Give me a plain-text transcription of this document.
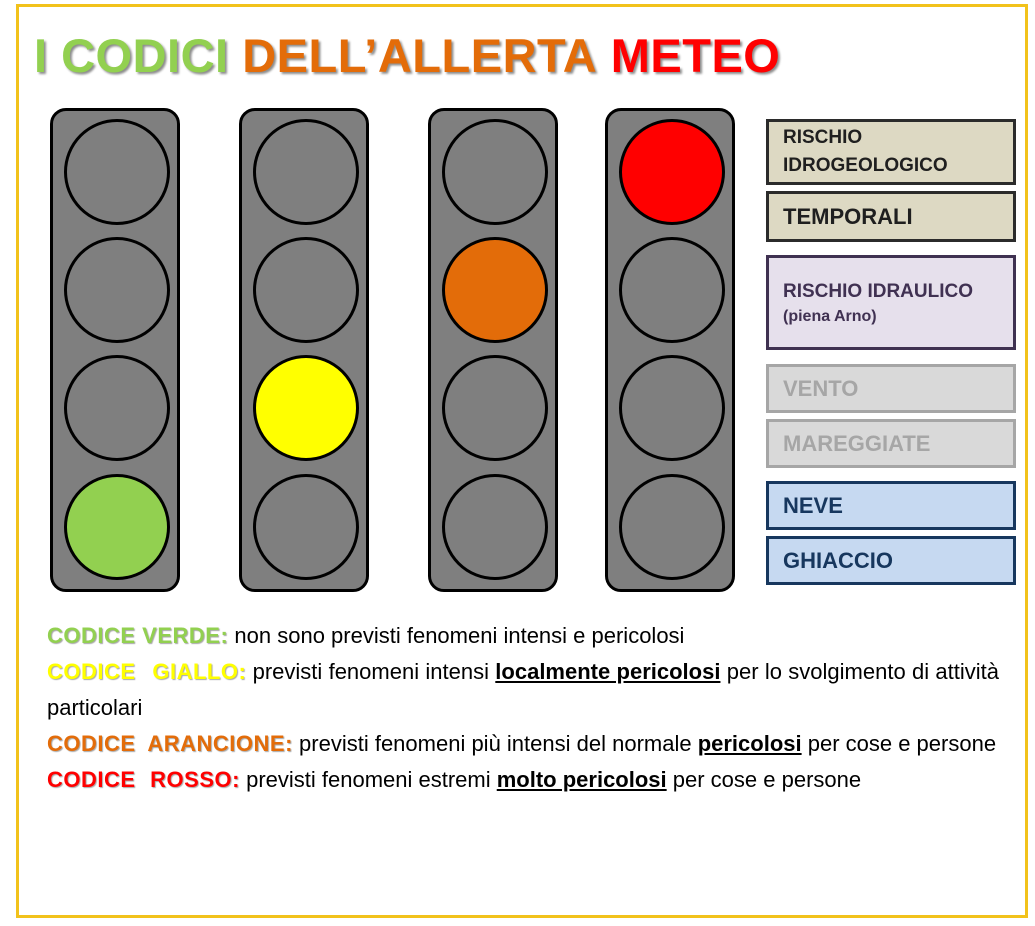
I CODICI DELL’ALLERTA METEO
RISCHIO IDROGEOLOGICO
TEMPORALI
RISCHIO IDRAULICO
(piena Arno)
VENTO
MAREGGIATE
NEVE
GHIACCIO
CODICE VERDE: non sono previsti fenomeni intensi e pericolosi
CODICE GIALLO: previsti fenomeni intensi localmente pericolosi per lo svolgimento di attività particolari
CODICE ARANCIONE: previsti fenomeni più intensi del normale pericolosi per cose e persone
CODICE ROSSO: previsti fenomeni estremi molto pericolosi per cose e persone
